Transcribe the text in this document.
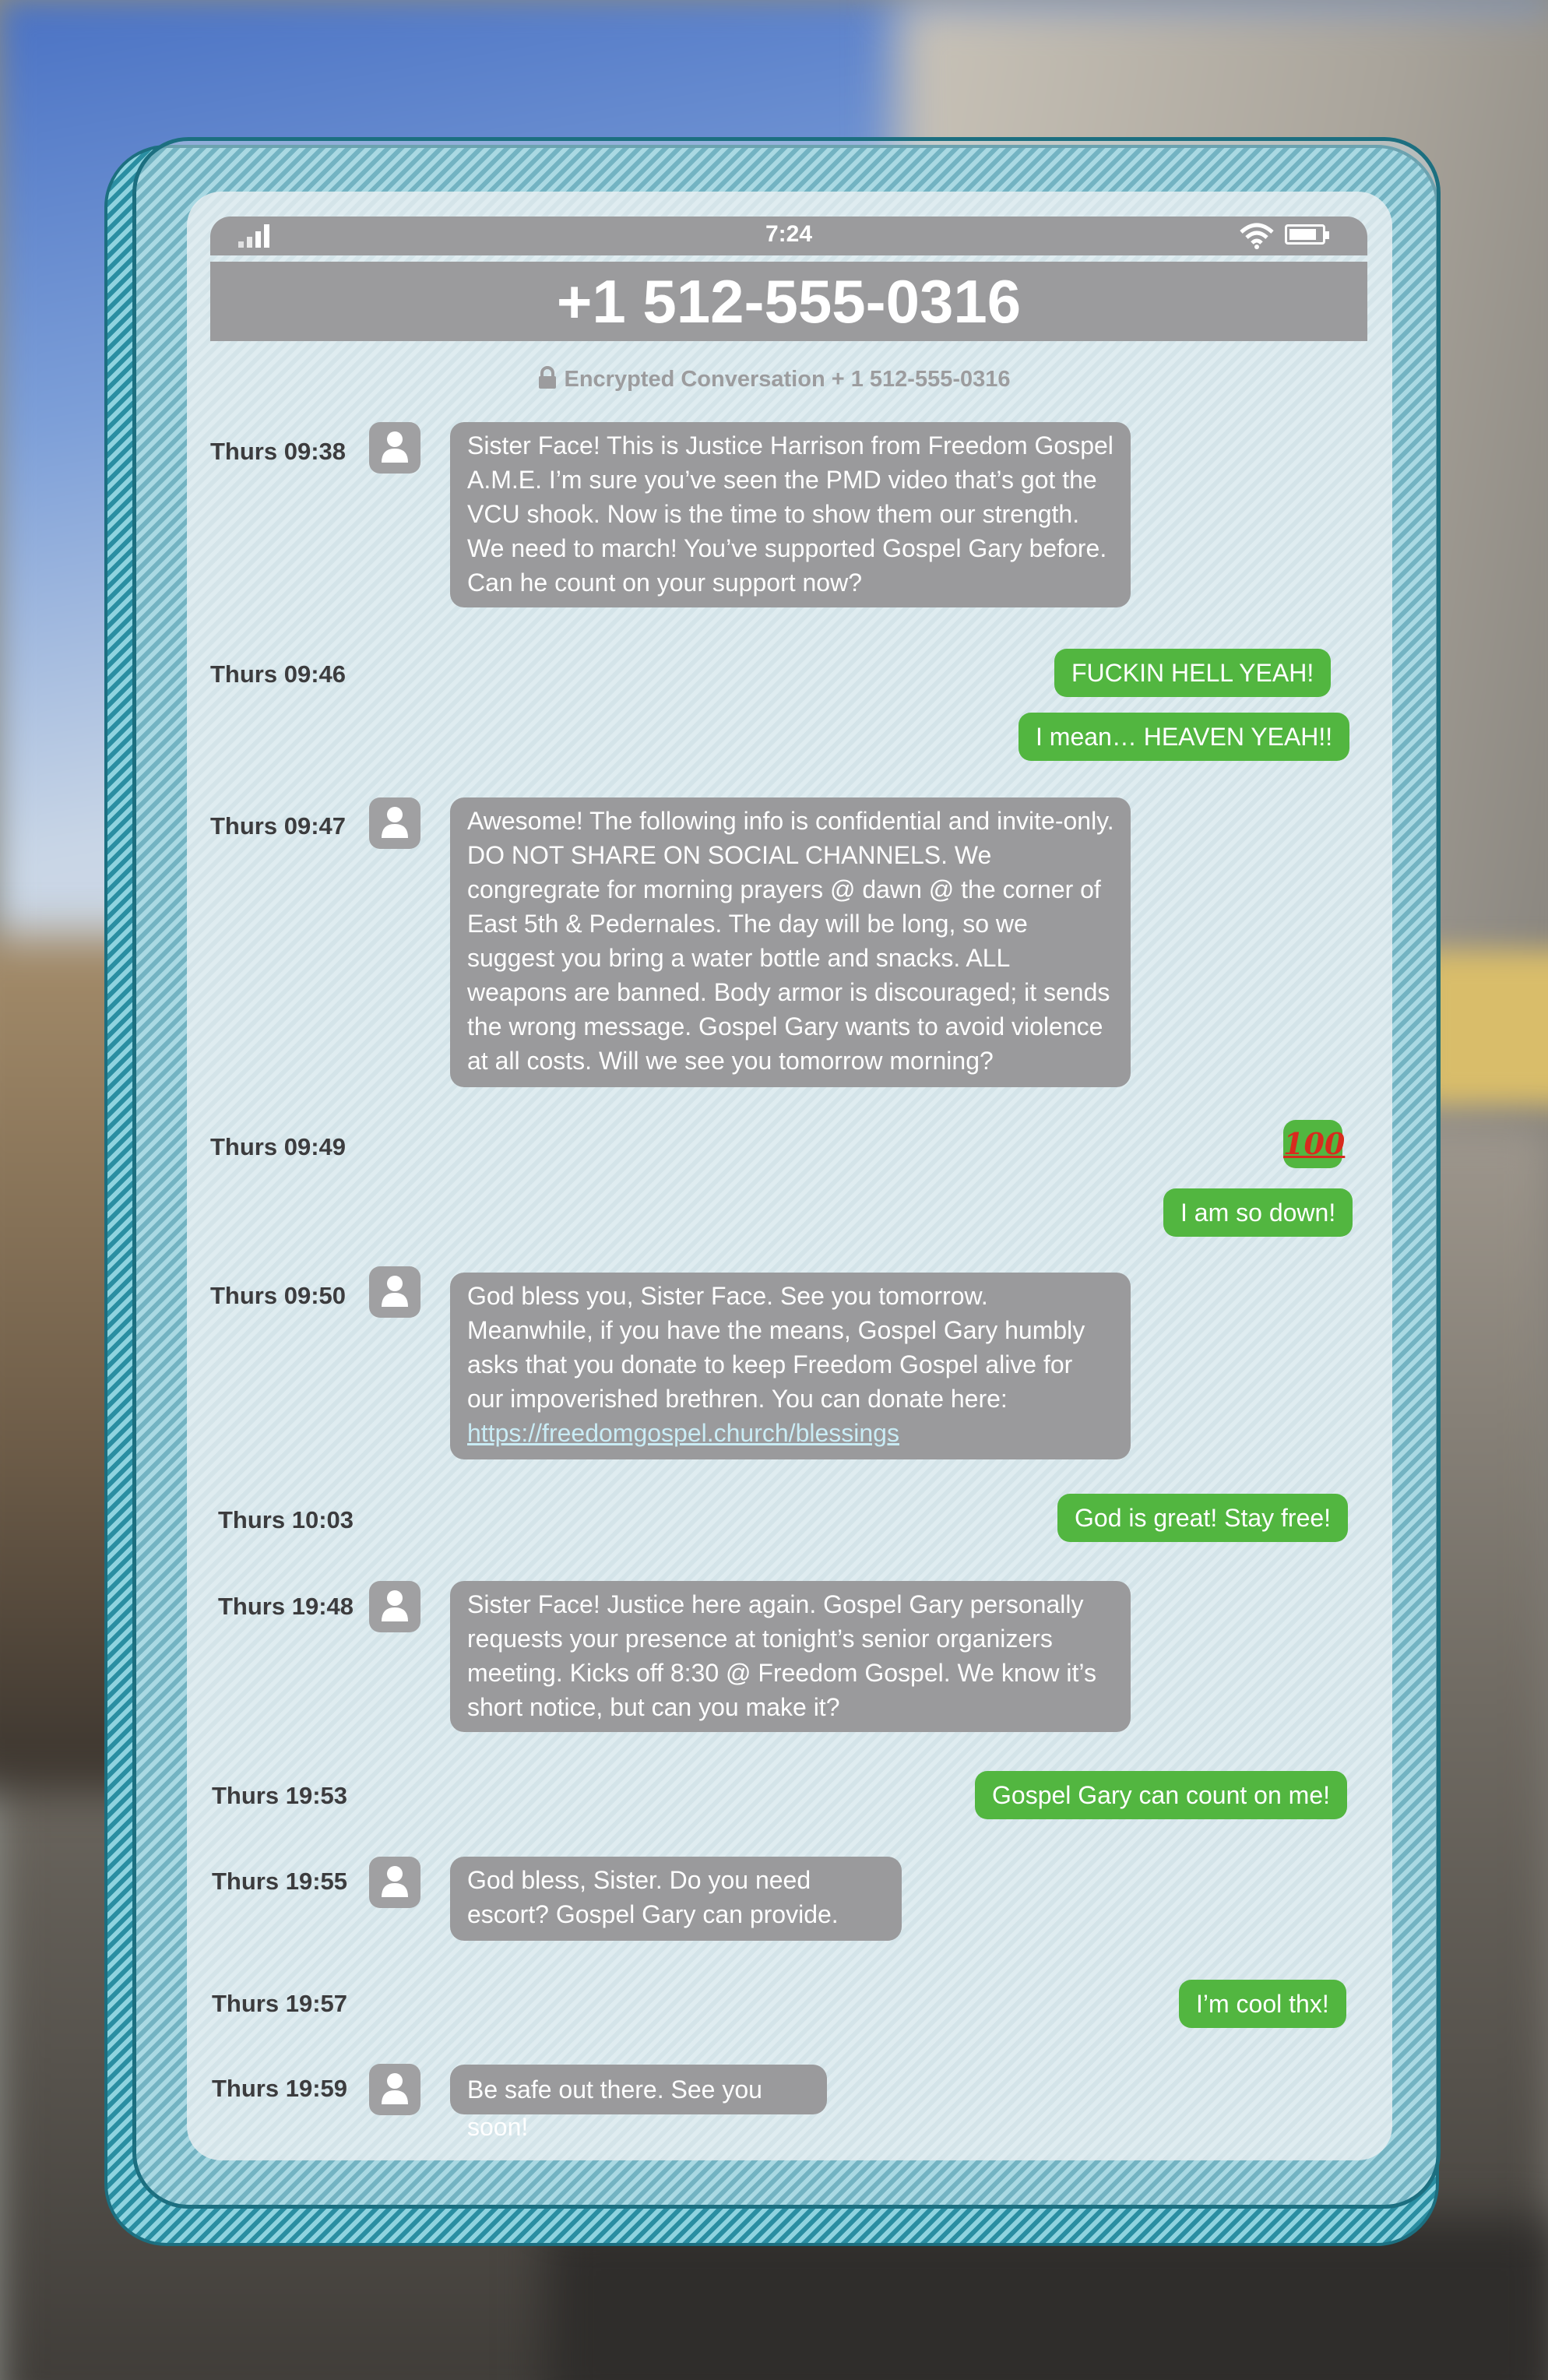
7:24
+1 512-555-0316
Encrypted Conversation + 1 512-555-0316
Thurs 09:38	Sister Face! This is Justice Harrison from Freedom Gospel A.M.E. I’m sure you’ve seen the PMD video that’s got the VCU shook. Now is the time to show them our strength. We need to march! You’ve supported Gospel Gary before. Can he count on your support now?
Thurs 09:46	FUCKIN HELL YEAH!
I mean… HEAVEN YEAH!!
Thurs 09:47	Awesome! The following info is confidential and invite-only. DO NOT SHARE ON SOCIAL CHANNELS. We congregrate for morning prayers @ dawn @ the corner of East 5th & Pedernales. The day will be long, so we suggest you bring a water bottle and snacks. ALL weapons are banned. Body armor is discouraged; it sends the wrong message. Gospel Gary wants to avoid violence at all costs. Will we see you tomorrow morning?
Thurs 09:49	100
I am so down!
Thurs 09:50	God bless you, Sister Face. See you tomorrow. Meanwhile, if you have the means, Gospel Gary humbly asks that you donate to keep Freedom Gospel alive for our impoverished brethren. You can donate here: https://freedomgospel.church/blessings
Thurs 10:03	God is great! Stay free!
Thurs 19:48	Sister Face! Justice here again. Gospel Gary personally requests your presence at tonight’s senior organizers meeting. Kicks off 8:30 @ Freedom Gospel. We know it’s short notice, but can you make it?
Thurs 19:53	Gospel Gary can count on me!
Thurs 19:55	God bless, Sister. Do you need escort? Gospel Gary can provide.
Thurs 19:57	I’m cool thx!
Thurs 19:59	Be safe out there. See you soon!
